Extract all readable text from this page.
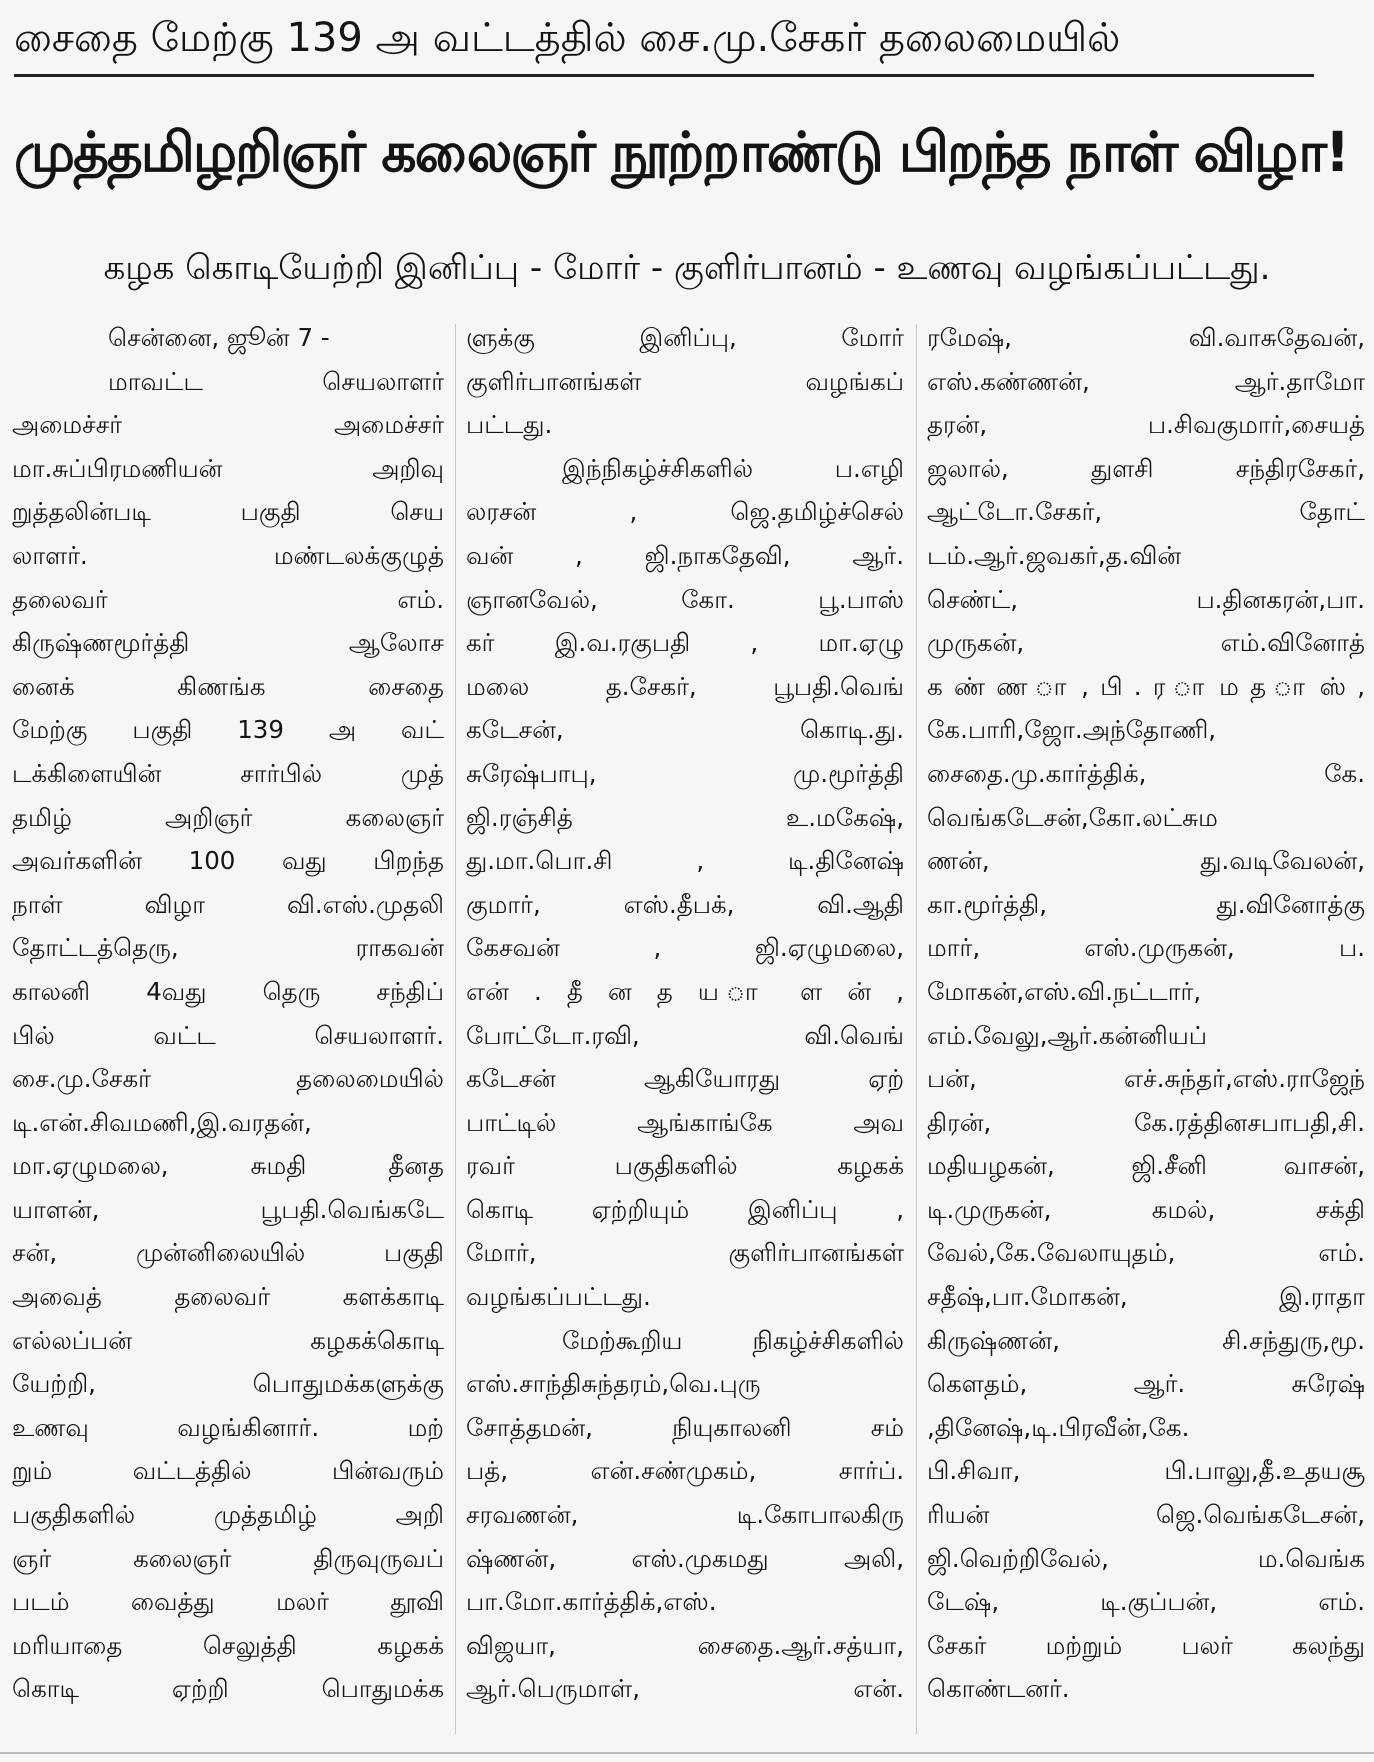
சைதை மேற்கு 139 அ வட்டத்தில் சை.மு.சேகர் தலைமையில்
முத்தமிழறிஞர் கலைஞர் நூற்றாண்டு பிறந்த நாள் விழா!
கழக கொடியேற்றி இனிப்பு - மோர் - குளிர்பானம் - உணவு வழங்கப்பட்டது.
சென்னை, ஜூன் 7 -
மாவட்ட செயலாளர்
அமைச்சர் அமைச்சர்
மா.சுப்பிரமணியன் அறிவு
றுத்தலின்படி பகுதி செய
லாளர். மண்டலக்குழுத்
தலைவர் எம்.
கிருஷ்ணமூர்த்தி ஆலோச
னைக் கிணங்க சைதை
மேற்கு பகுதி 139 அ வட்
டக்கிளையின் சார்பில் முத்
தமிழ் அறிஞர் கலைஞர்
அவர்களின் 100 வது பிறந்த
நாள் விழா வி.எஸ்.முதலி
தோட்டத்தெரு, ராகவன்
காலனி 4வது தெரு சந்திப்
பில் வட்ட செயலாளர்.
சை.மு.சேகர் தலைமையில்
டி.என்.சிவமணி,இ.வரதன்,
மா.ஏழுமலை, சுமதி தீனத
யாளன், பூபதி.வெங்கடே
சன், முன்னிலையில் பகுதி
அவைத் தலைவர் களக்காடி
எல்லப்பன் கழகக்கொடி
யேற்றி, பொதுமக்களுக்கு
உணவு வழங்கினார். மற்
றும் வட்டத்தில் பின்வரும்
பகுதிகளில் முத்தமிழ் அறி
ஞர் கலைஞர் திருவுருவப்
படம் வைத்து மலர் தூவி
மரியாதை செலுத்தி கழகக்
கொடி ஏற்றி பொதுமக்க
ளுக்கு இனிப்பு, மோர்
குளிர்பானங்கள் வழங்கப்
பட்டது.
இந்நிகழ்ச்சிகளில் ப.எழி
லரசன் , ஜெ.தமிழ்ச்செல்
வன் , ஜி.நாகதேவி, ஆர்.
ஞானவேல், கோ. பூ.பாஸ்
கர் இ.வ.ரகுபதி , மா.ஏழு
மலை த.சேகர், பூபதி.வெங்
கடேசன், கொடி.து.
சுரேஷ்பாபு, மு.மூர்த்தி
ஜி.ரஞ்சித் உ.மகேஷ்,
து.மா.பொ.சி , டி.தினேஷ்
குமார், எஸ்.தீபக், வி.ஆதி
கேசவன் , ஜி.ஏழுமலை,
என் . தீ ன த ய ா ள ன் ,
போட்டோ.ரவி, வி.வெங்
கடேசன் ஆகியோரது ஏற்
பாட்டில் ஆங்காங்கே அவ
ரவர் பகுதிகளில் கழகக்
கொடி ஏற்றியும் இனிப்பு ,
மோர், குளிர்பானங்கள்
வழங்கப்பட்டது.
மேற்கூறிய நிகழ்ச்சிகளில்
எஸ்.சாந்திசுந்தரம்,வெ.புரு
சோத்தமன், நியுகாலனி சம்
பத், என்.சண்முகம், சார்ப்.
சரவணன், டி.கோபாலகிரு
ஷ்ணன், எஸ்.முகமது அலி,
பா.மோ.கார்த்திக்,எஸ்.
விஜயா, சைதை.ஆர்.சத்யா,
ஆர்.பெருமாள், என்.
ரமேஷ், வி.வாசுதேவன்,
எஸ்.கண்ணன், ஆர்.தாமோ
தரன், ப.சிவகுமார்,சையத்
ஜலால், துளசி சந்திரசேகர்,
ஆட்டோ.சேகர், தோட்
டம்.ஆர்.ஜவகர்,த.வின்
செண்ட், ப.தினகரன்,பா.
முருகன், எம்.வினோத்
க ண் ண ா , பி . ர ா ம த ா ஸ் ,
கே.பாரி,ஜோ.அந்தோணி,
சைதை.மு.கார்த்திக், கே.
வெங்கடேசன்,கோ.லட்சும
ணன், து.வடிவேலன்,
கா.மூர்த்தி, து.வினோத்கு
மார், எஸ்.முருகன், ப.
மோகன்,எஸ்.வி.நட்டார்,
எம்.வேலு,ஆர்.கன்னியப்
பன், எச்.சுந்தர்,எஸ்.ராஜேந்
திரன், கே.ரத்தினசபாபதி,சி.
மதியழகன், ஜி.சீனி வாசன்,
டி.முருகன், கமல், சக்தி
வேல்,கே.வேலாயுதம், எம்.
சதீஷ்,பா.மோகன், இ.ராதா
கிருஷ்ணன், சி.சந்துரு,மூ.
கௌதம், ஆர். சுரேஷ்
,தினேஷ்,டி.பிரவீன்,கே.
பி.சிவா, பி.பாலு,தீ.உதயசூ
ரியன் ஜெ.வெங்கடேசன்,
ஜி.வெற்றிவேல், ம.வெங்க
டேஷ், டி.குப்பன், எம்.
சேகர் மற்றும் பலர் கலந்து
கொண்டனர்.
